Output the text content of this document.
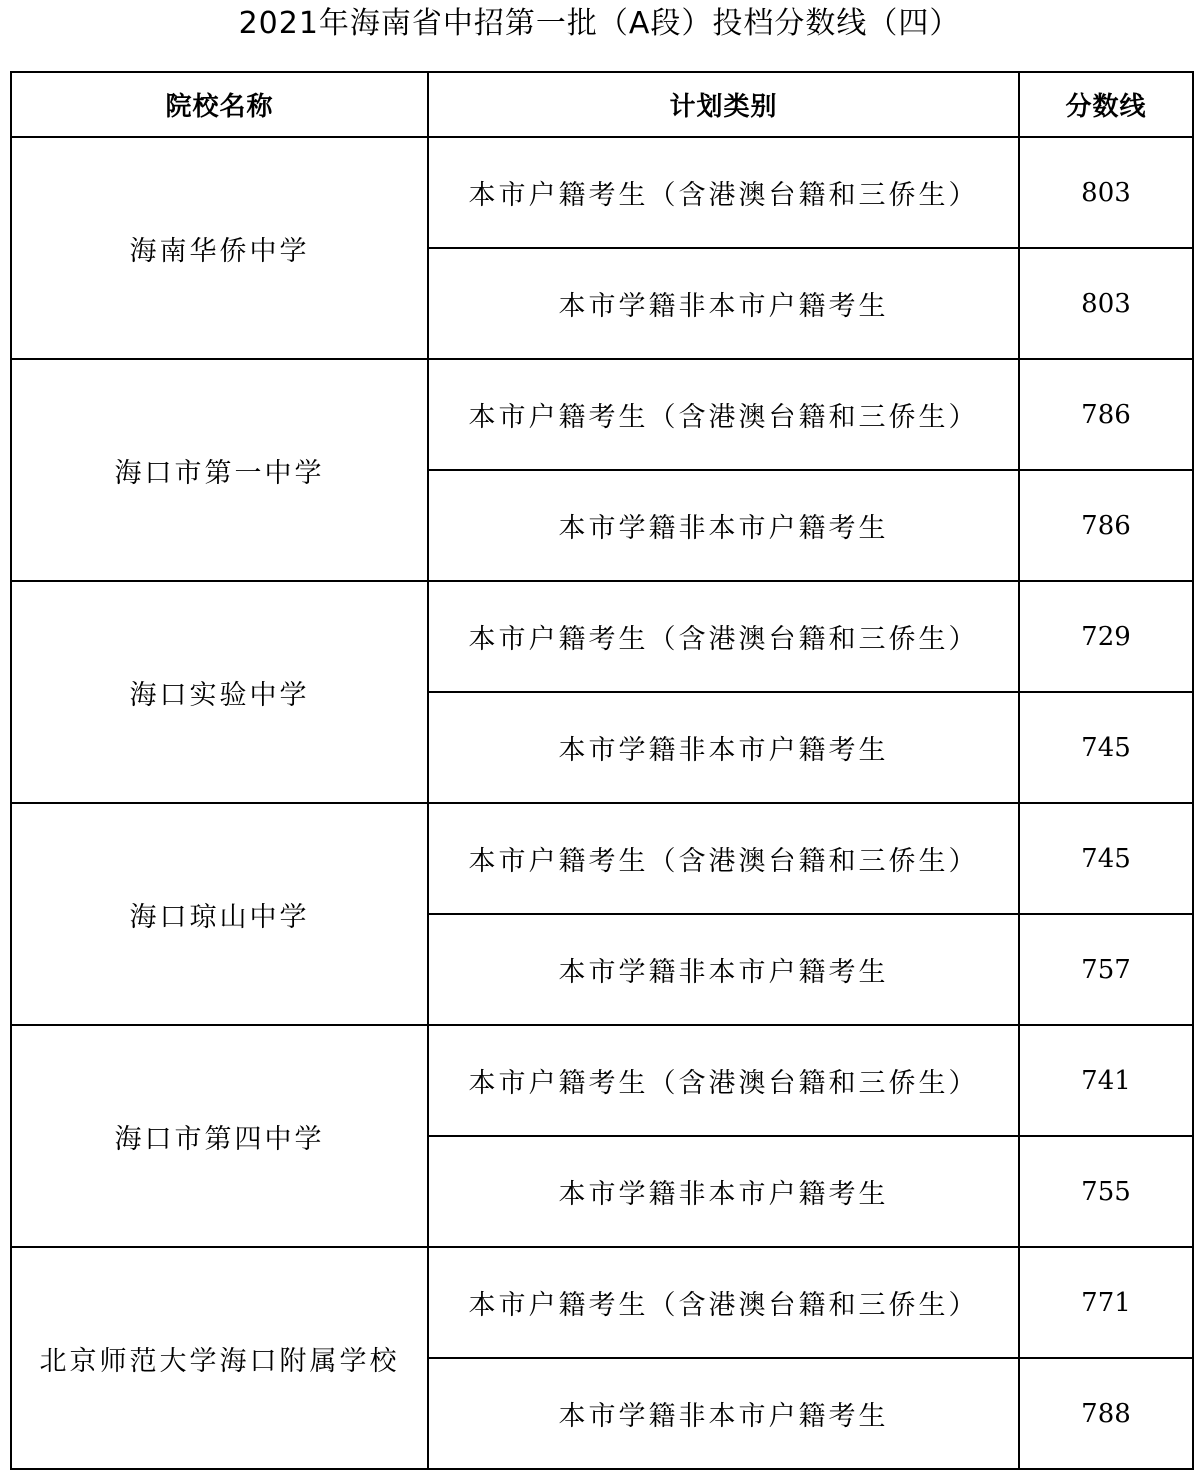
2021年海南省中招第一批（A段）投档分数线（四）
院校名称	计划类别	分数线
海南华侨中学	本市户籍考生（含港澳台籍和三侨生）	803
	本市学籍非本市户籍考生	803
海口市第一中学	本市户籍考生（含港澳台籍和三侨生）	786
	本市学籍非本市户籍考生	786
海口实验中学	本市户籍考生（含港澳台籍和三侨生）	729
	本市学籍非本市户籍考生	745
海口琼山中学	本市户籍考生（含港澳台籍和三侨生）	745
	本市学籍非本市户籍考生	757
海口市第四中学	本市户籍考生（含港澳台籍和三侨生）	741
	本市学籍非本市户籍考生	755
北京师范大学海口附属学校	本市户籍考生（含港澳台籍和三侨生）	771
	本市学籍非本市户籍考生	788
